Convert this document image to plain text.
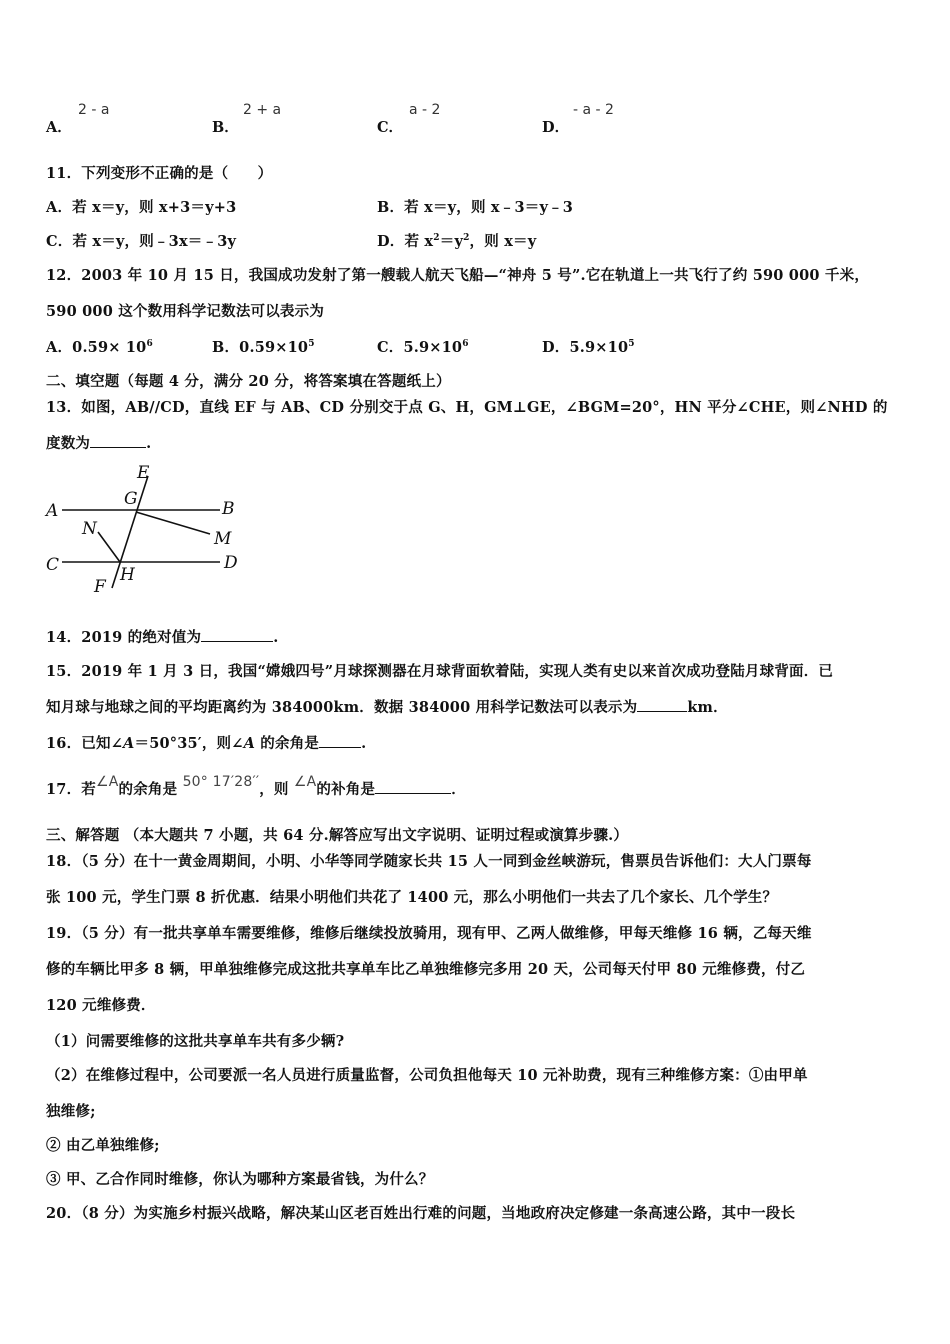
A．
2 - a
B．
2 + a
C．
a - 2
D．
- a - 2
11．下列变形不正确的是（　　）
A．若 x＝y，则 x+3＝y+3	B．若 x＝y，则 x﹣3＝y﹣3
C．若 x＝y，则﹣3x＝﹣3y	D．若 $x^2=y^2$，则 x＝y
12．2003 年 10 月 15 日，我国成功发射了第一艘载人航天飞船—“神舟 5 号”.它在轨道上一共飞行了约 590 000 千米，
590 000 这个数用科学记数法可以表示为
A．$0.59\times 10^6$	B．$0.59\times 10^5$	C．$5.9\times 10^6$	D．$5.9\times 10^5$
二、填空题（每题 4 分，满分 20 分，将答案填在答题纸上）
13．如图，AB//CD，直线 EF 与 AB、CD 分别交于点 G、H，GM⊥GE，∠BGM=20°，HN 平分∠CHE，则∠NHD 的
度数为	.
E
G
A	B
N	M
C	D
F
H
14．2019 的绝对值为	.
15．2019 年 1 月 3 日，我国“嫦娥四号”月球探测器在月球背面软着陆，实现人类有史以来首次成功登陆月球背面．已
知月球与地球之间的平均距离约为 384000km．数据 384000 用科学记数法可以表示为	km．
16．已知∠A＝50°35′，则∠A 的余角是	.
17．若∠A的余角是 50° 17′28′′，则 ∠A的补角是	．
三、解答题 （本大题共 7 小题，共 64 分.解答应写出文字说明、证明过程或演算步骤.）
18．（5 分）在十一黄金周期间，小明、小华等同学随家长共 15 人一同到金丝峡游玩，售票员告诉他们：大人门票每
张 100 元，学生门票 8 折优惠．结果小明他们共花了 1400 元，那么小明他们一共去了几个家长、几个学生？
19．（5 分）有一批共享单车需要维修，维修后继续投放骑用，现有甲、乙两人做维修，甲每天维修 16 辆，乙每天维
修的车辆比甲多 8 辆，甲单独维修完成这批共享单车比乙单独维修完多用 20 天，公司每天付甲 80 元维修费，付乙
120 元维修费．
（1）问需要维修的这批共享单车共有多少辆?
（2）在维修过程中，公司要派一名人员进行质量监督，公司负担他每天 10 元补助费，现有三种维修方案：①由甲单
独维修;
② 由乙单独维修;
③ 甲、乙合作同时维修，你认为哪种方案最省钱，为什么？
20．（8 分）为实施乡村振兴战略，解决某山区老百姓出行难的问题，当地政府决定修建一条高速公路，其中一段长
